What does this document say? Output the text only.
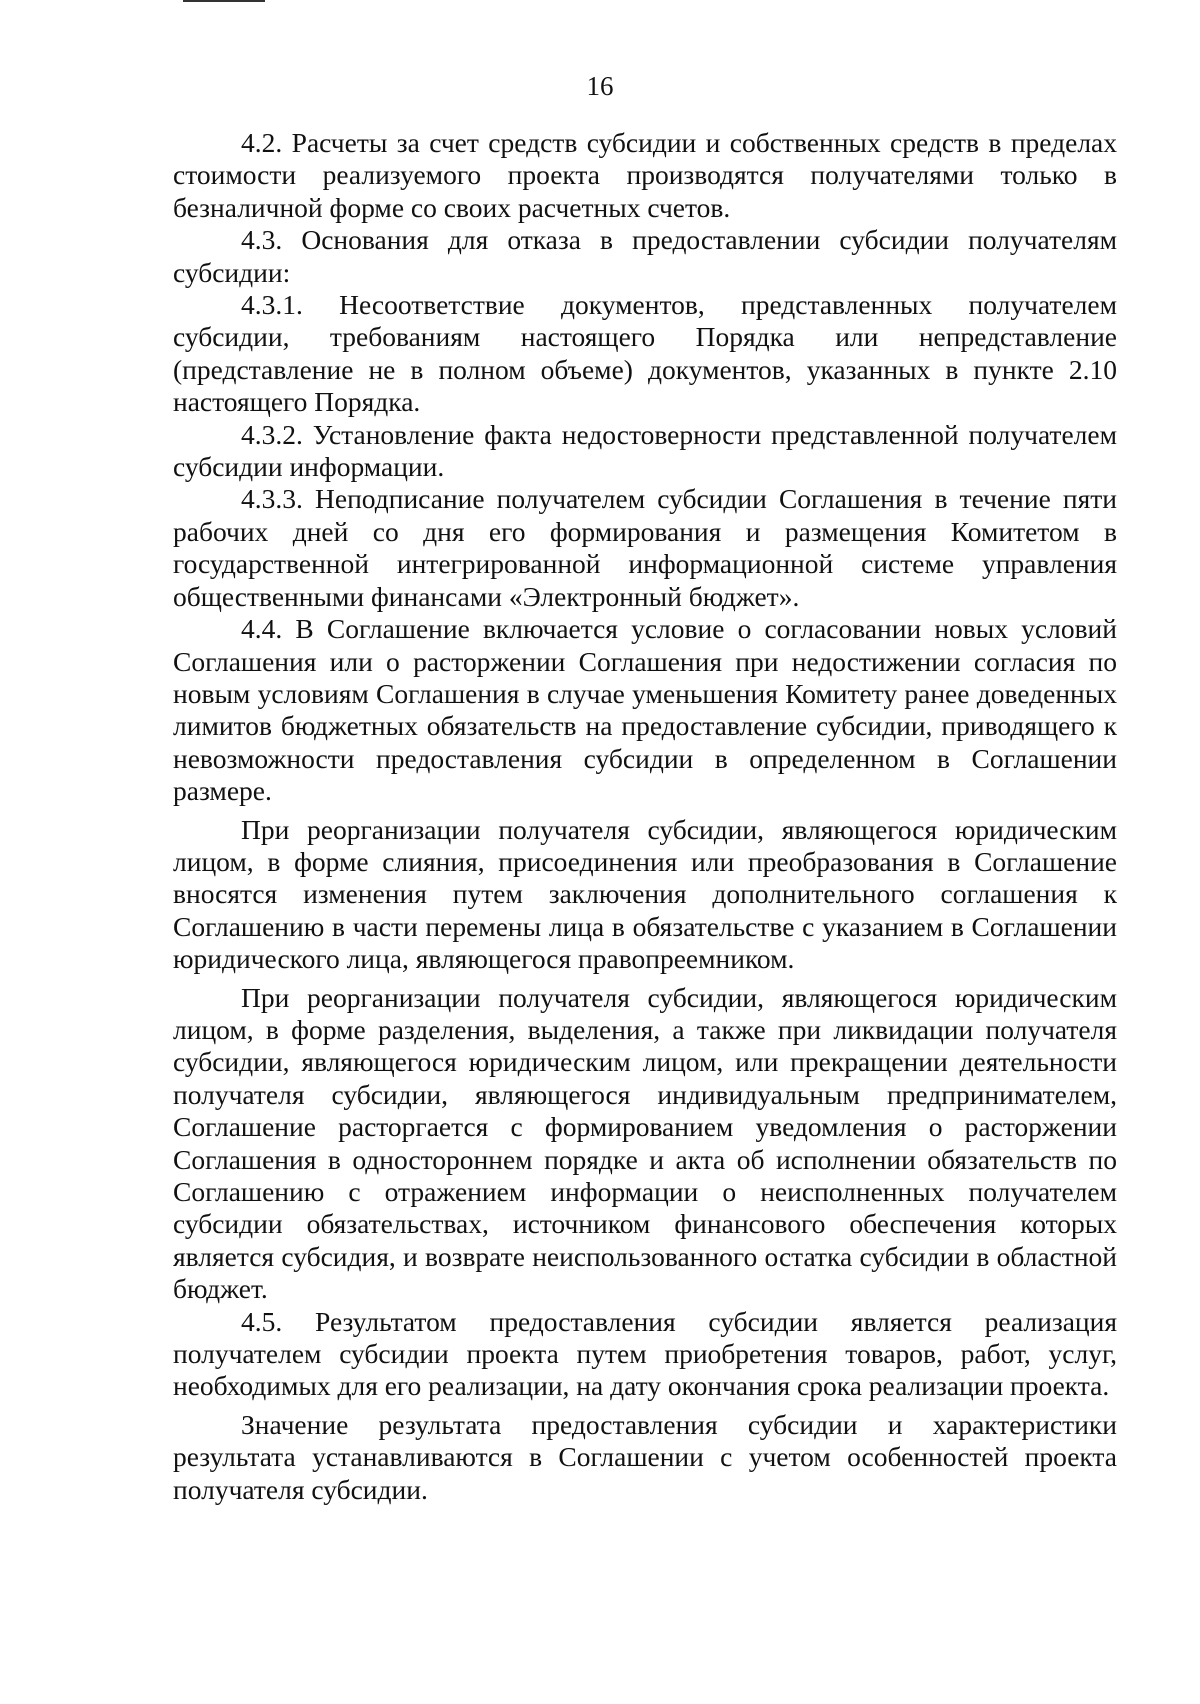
16

4.2. Расчеты за счет средств субсидии и собственных средств в пределах стоимости реализуемого проекта производятся получателями только в безналичной форме со своих расчетных счетов.

4.3. Основания для отказа в предоставлении субсидии получателям субсидии:

4.3.1. Несоответствие документов, представленных получателем субсидии, требованиям настоящего Порядка или непредставление (представление не в полном объеме) документов, указанных в пункте 2.10 настоящего Порядка.

4.3.2. Установление факта недостоверности представленной получателем субсидии информации.

4.3.3. Неподписание получателем субсидии Соглашения в течение пяти рабочих дней со дня его формирования и размещения Комитетом в государственной интегрированной информационной системе управления общественными финансами «Электронный бюджет».

4.4. В Соглашение включается условие о согласовании новых условий Соглашения или о расторжении Соглашения при недостижении согласия по новым условиям Соглашения в случае уменьшения Комитету ранее доведенных лимитов бюджетных обязательств на предоставление субсидии, приводящего к невозможности предоставления субсидии в определенном в Соглашении размере.

При реорганизации получателя субсидии, являющегося юридическим лицом, в форме слияния, присоединения или преобразования в Соглашение вносятся изменения путем заключения дополнительного соглашения к Соглашению в части перемены лица в обязательстве с указанием в Соглашении юридического лица, являющегося правопреемником.

При реорганизации получателя субсидии, являющегося юридическим лицом, в форме разделения, выделения, а также при ликвидации получателя субсидии, являющегося юридическим лицом, или прекращении деятельности получателя субсидии, являющегося индивидуальным предпринимателем, Соглашение расторгается с формированием уведомления о расторжении Соглашения в одностороннем порядке и акта об исполнении обязательств по Соглашению с отражением информации о неисполненных получателем субсидии обязательствах, источником финансового обеспечения которых является субсидия, и возврате неиспользованного остатка субсидии в областной бюджет.

4.5. Результатом предоставления субсидии является реализация получателем субсидии проекта путем приобретения товаров, работ, услуг, необходимых для его реализации, на дату окончания срока реализации проекта.

Значение результата предоставления субсидии и характеристики результата устанавливаются в Соглашении с учетом особенностей проекта получателя субсидии.
